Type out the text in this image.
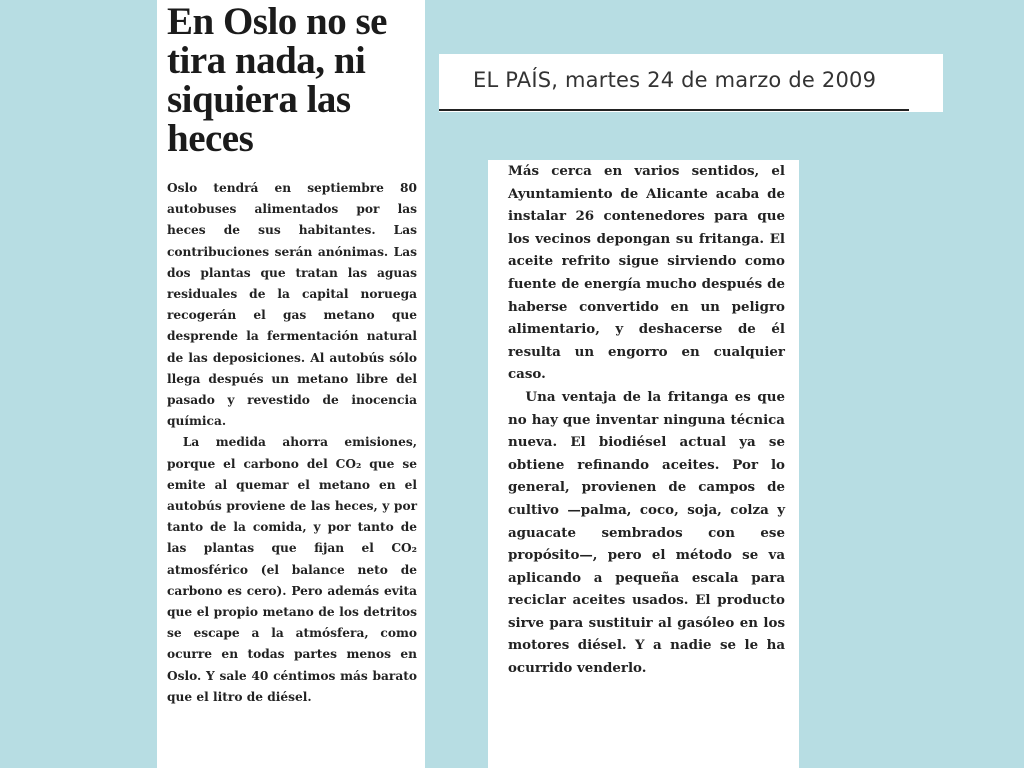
En Oslo no se tira nada, ni siquiera las heces

Oslo tendrá en septiembre 80 autobuses alimentados por las heces de sus habitantes. Las contribuciones serán anónimas. Las dos plantas que tratan las aguas residuales de la capital noruega recogerán el gas metano que desprende la fermentación natural de las deposiciones. Al autobús sólo llega después un metano libre del pasado y revestido de inocencia química.

La medida ahorra emisiones, porque el carbono del CO₂ que se emite al quemar el metano en el autobús proviene de las heces, y por tanto de la comida, y por tanto de las plantas que fijan el CO₂ atmosférico (el balance neto de carbono es cero). Pero además evita que el propio metano de los detritos se escape a la atmósfera, como ocurre en todas partes menos en Oslo. Y sale 40 céntimos más barato que el litro de diésel.

EL PAÍS, martes 24 de marzo de 2009

Más cerca en varios sentidos, el Ayuntamiento de Alicante acaba de instalar 26 contenedores para que los vecinos depongan su fritanga. El aceite refrito sigue sirviendo como fuente de energía mucho después de haberse convertido en un peligro alimentario, y deshacerse de él resulta un engorro en cualquier caso.

Una ventaja de la fritanga es que no hay que inventar ninguna técnica nueva. El biodiésel actual ya se obtiene refinando aceites. Por lo general, provienen de campos de cultivo —palma, coco, soja, colza y aguacate sembrados con ese propósito—, pero el método se va aplicando a pequeña escala para reciclar aceites usados. El producto sirve para sustituir al gasóleo en los motores diésel. Y a nadie se le ha ocurrido venderlo.
